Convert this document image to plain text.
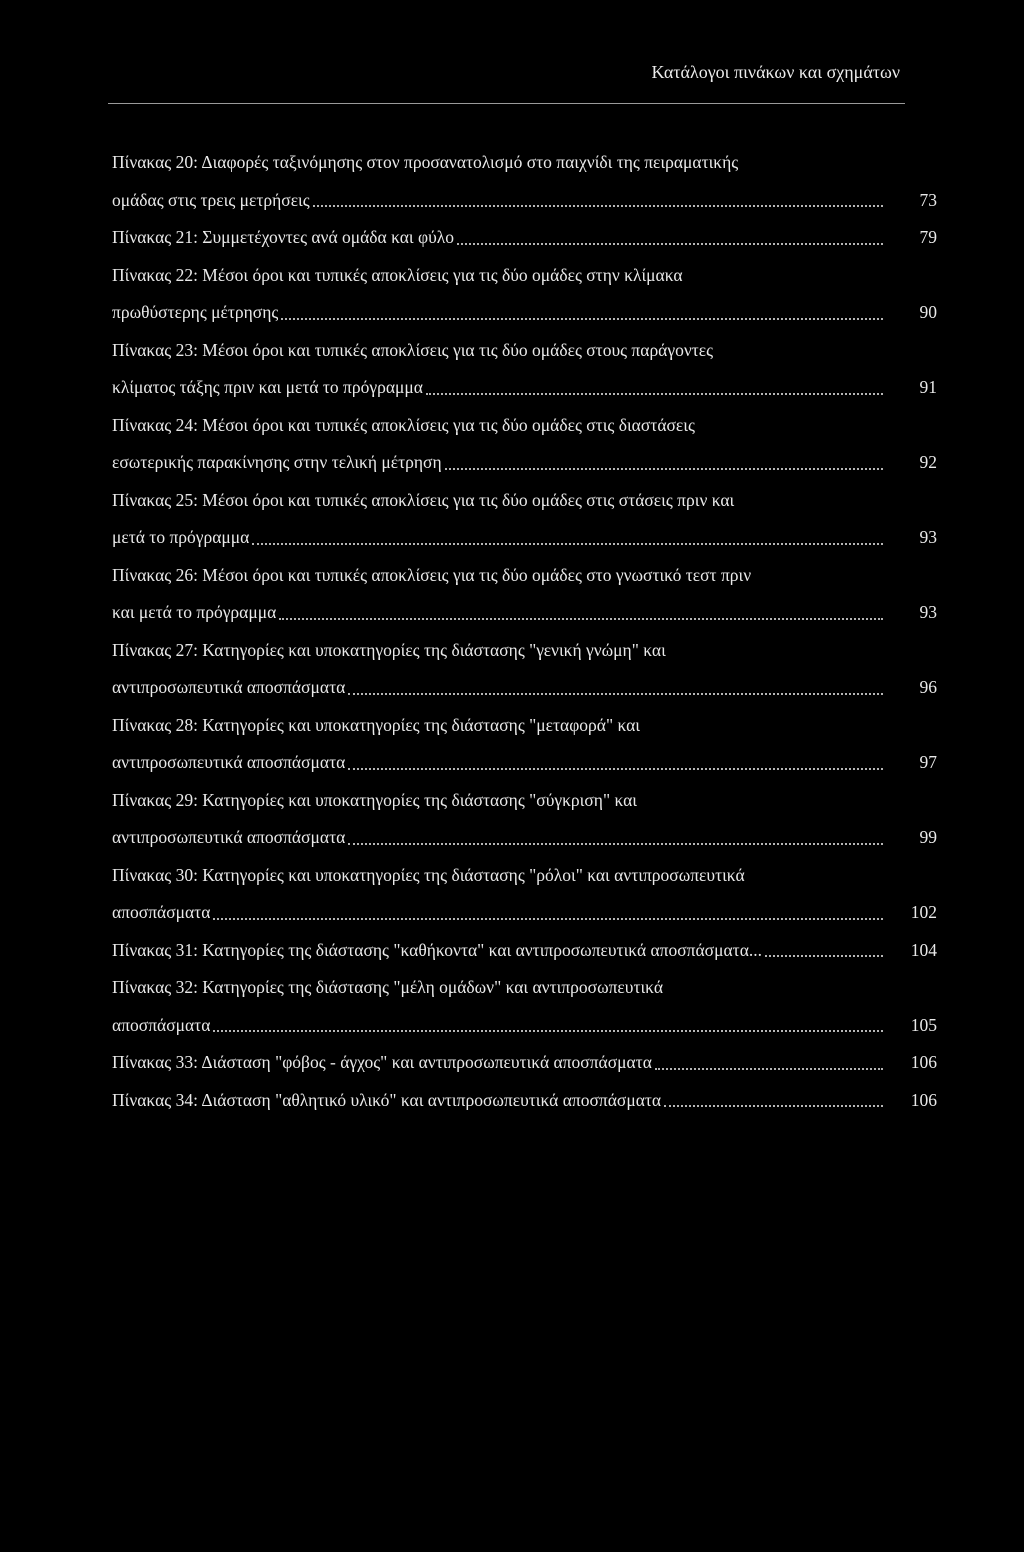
Κατάλογοι πινάκων και σχημάτων
Πίνακας 20: Διαφορές ταξινόμησης στον προσανατολισμό στο παιχνίδι της πειραματικής
ομάδας στις τρεις μετρήσεις	73
Πίνακας 21: Συμμετέχοντες ανά ομάδα και φύλο	79
Πίνακας 22: Μέσοι όροι και τυπικές αποκλίσεις για τις δύο ομάδες στην κλίμακα
πρωθύστερης μέτρησης	90
Πίνακας 23: Μέσοι όροι και τυπικές αποκλίσεις για τις δύο ομάδες στους παράγοντες
κλίματος τάξης πριν και μετά το πρόγραμμα	91
Πίνακας 24: Μέσοι όροι και τυπικές αποκλίσεις για τις δύο ομάδες στις διαστάσεις
εσωτερικής παρακίνησης στην τελική μέτρηση	92
Πίνακας 25: Μέσοι όροι και τυπικές αποκλίσεις για τις δύο ομάδες στις στάσεις πριν και
μετά το πρόγραμμα	93
Πίνακας 26: Μέσοι όροι και τυπικές αποκλίσεις για τις δύο ομάδες στο γνωστικό τεστ πριν
και μετά το πρόγραμμα	93
Πίνακας 27: Κατηγορίες και υποκατηγορίες της διάστασης "γενική γνώμη" και
αντιπροσωπευτικά αποσπάσματα	96
Πίνακας 28: Κατηγορίες και υποκατηγορίες της διάστασης "μεταφορά" και
αντιπροσωπευτικά αποσπάσματα	97
Πίνακας 29: Κατηγορίες και υποκατηγορίες της διάστασης "σύγκριση" και
αντιπροσωπευτικά αποσπάσματα	99
Πίνακας 30: Κατηγορίες και υποκατηγορίες της διάστασης "ρόλοι" και αντιπροσωπευτικά
αποσπάσματα	102
Πίνακας 31: Κατηγορίες της διάστασης "καθήκοντα" και αντιπροσωπευτικά αποσπάσματα...	104
Πίνακας 32: Κατηγορίες της διάστασης "μέλη ομάδων" και αντιπροσωπευτικά
αποσπάσματα	105
Πίνακας 33: Διάσταση "φόβος - άγχος" και αντιπροσωπευτικά αποσπάσματα	106
Πίνακας 34: Διάσταση "αθλητικό υλικό" και αντιπροσωπευτικά αποσπάσματα	106
